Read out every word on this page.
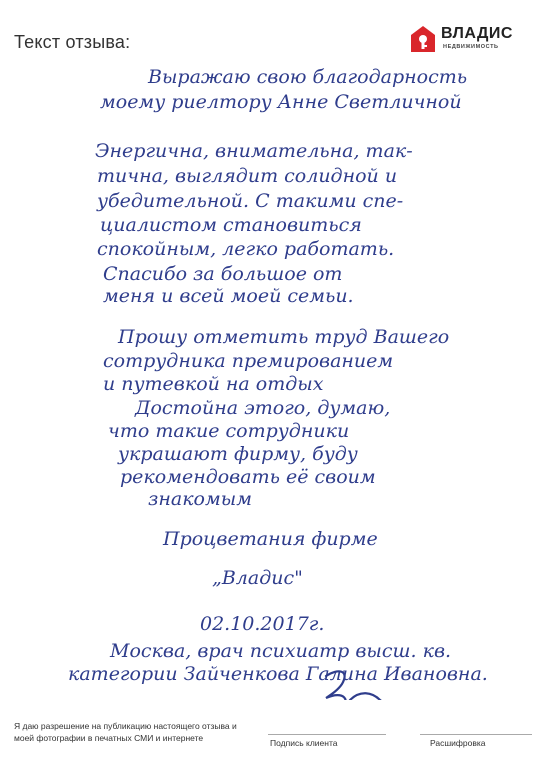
Текст отзыва:	ВЛАДИС
НЕДВИЖИМОСТЬ
Выражаю свою благодарность
моему риелтору Анне Светличной
Энергична, внимательна, так-
тична, выглядит солидной и
убедительной. С такими спе-
циалистом становиться
спокойным, легко работать.
Спасибо за большое от
меня и всей моей семьи.
Прошу отметить труд Вашего
сотрудника премированием
и путевкой на отдых
Достойна этого, думаю,
что такие сотрудники
украшают фирму, буду
рекомендовать её своим
знакомым
Процветания фирме
„Владис"
02.10.2017г.
Москва, врач психиатр высш. кв.
категории Зайченкова Галина Ивановна.
Я даю разрешение на публикацию настоящего отзыва и моей фотографии в печатных СМИ и интернете	Подпись клиента	Расшифровка
